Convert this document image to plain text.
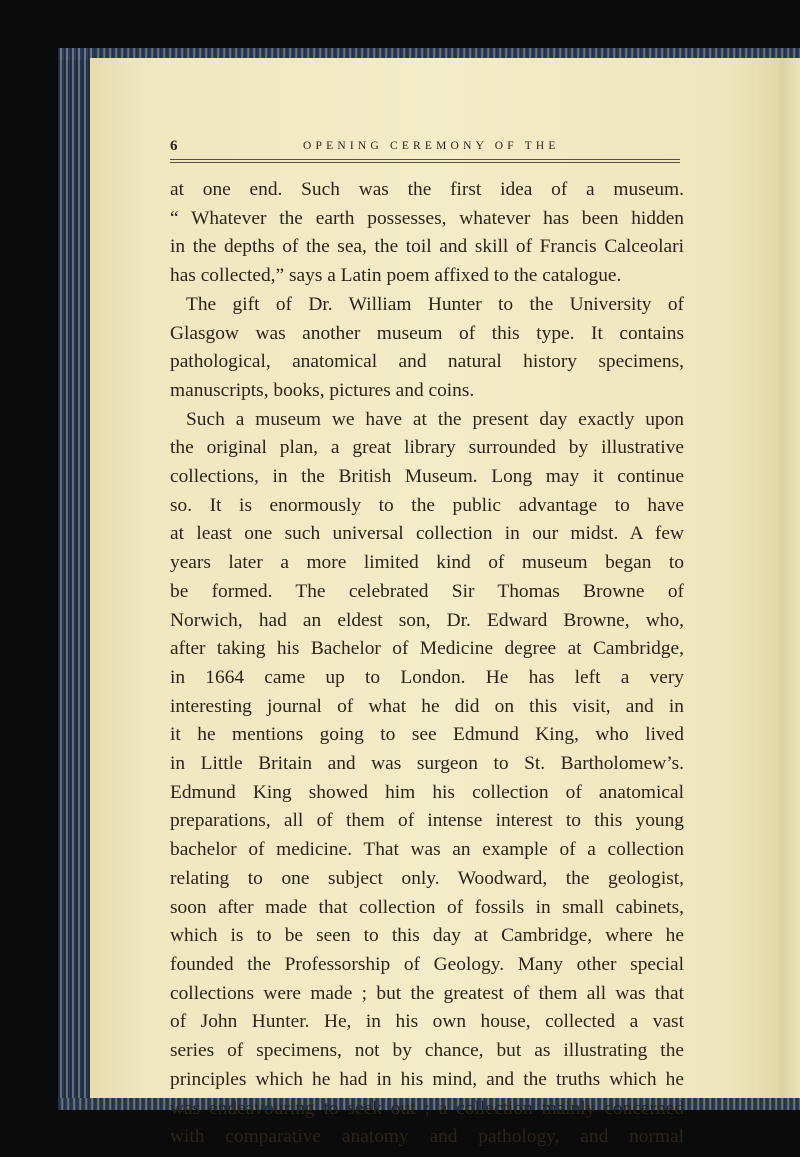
6	OPENING CEREMONY OF THE

at one end. Such was the first idea of a museum.

“ Whatever the earth possesses, whatever has been hidden

in the depths of the sea, the toil and skill of Francis Calceolari

has collected,” says a Latin poem affixed to the catalogue.

The gift of Dr. William Hunter to the University of

Glasgow was another museum of this type. It contains

pathological, anatomical and natural history specimens,

manuscripts, books, pictures and coins.

Such a museum we have at the present day exactly upon

the original plan, a great library surrounded by illustrative

collections, in the British Museum. Long may it continue

so. It is enormously to the public advantage to have

at least one such universal collection in our midst. A few

years later a more limited kind of museum began to

be formed. The celebrated Sir Thomas Browne of

Norwich, had an eldest son, Dr. Edward Browne, who,

after taking his Bachelor of Medicine degree at Cambridge,

in 1664 came up to London. He has left a very

interesting journal of what he did on this visit, and in

it he mentions going to see Edmund King, who lived

in Little Britain and was surgeon to St. Bartholomew’s.

Edmund King showed him his collection of anatomical

preparations, all of them of intense interest to this young

bachelor of medicine. That was an example of a collection

relating to one subject only. Woodward, the geologist,

soon after made that collection of fossils in small cabinets,

which is to be seen to this day at Cambridge, where he

founded the Professorship of Geology. Many other special

collections were made ; but the greatest of them all was that

of John Hunter. He, in his own house, collected a vast

series of specimens, not by chance, but as illustrating the

principles which he had in his mind, and the truths which he

was endeavouring to seek out ; a collection mainly concerned

with comparative anatomy and pathology, and normal
